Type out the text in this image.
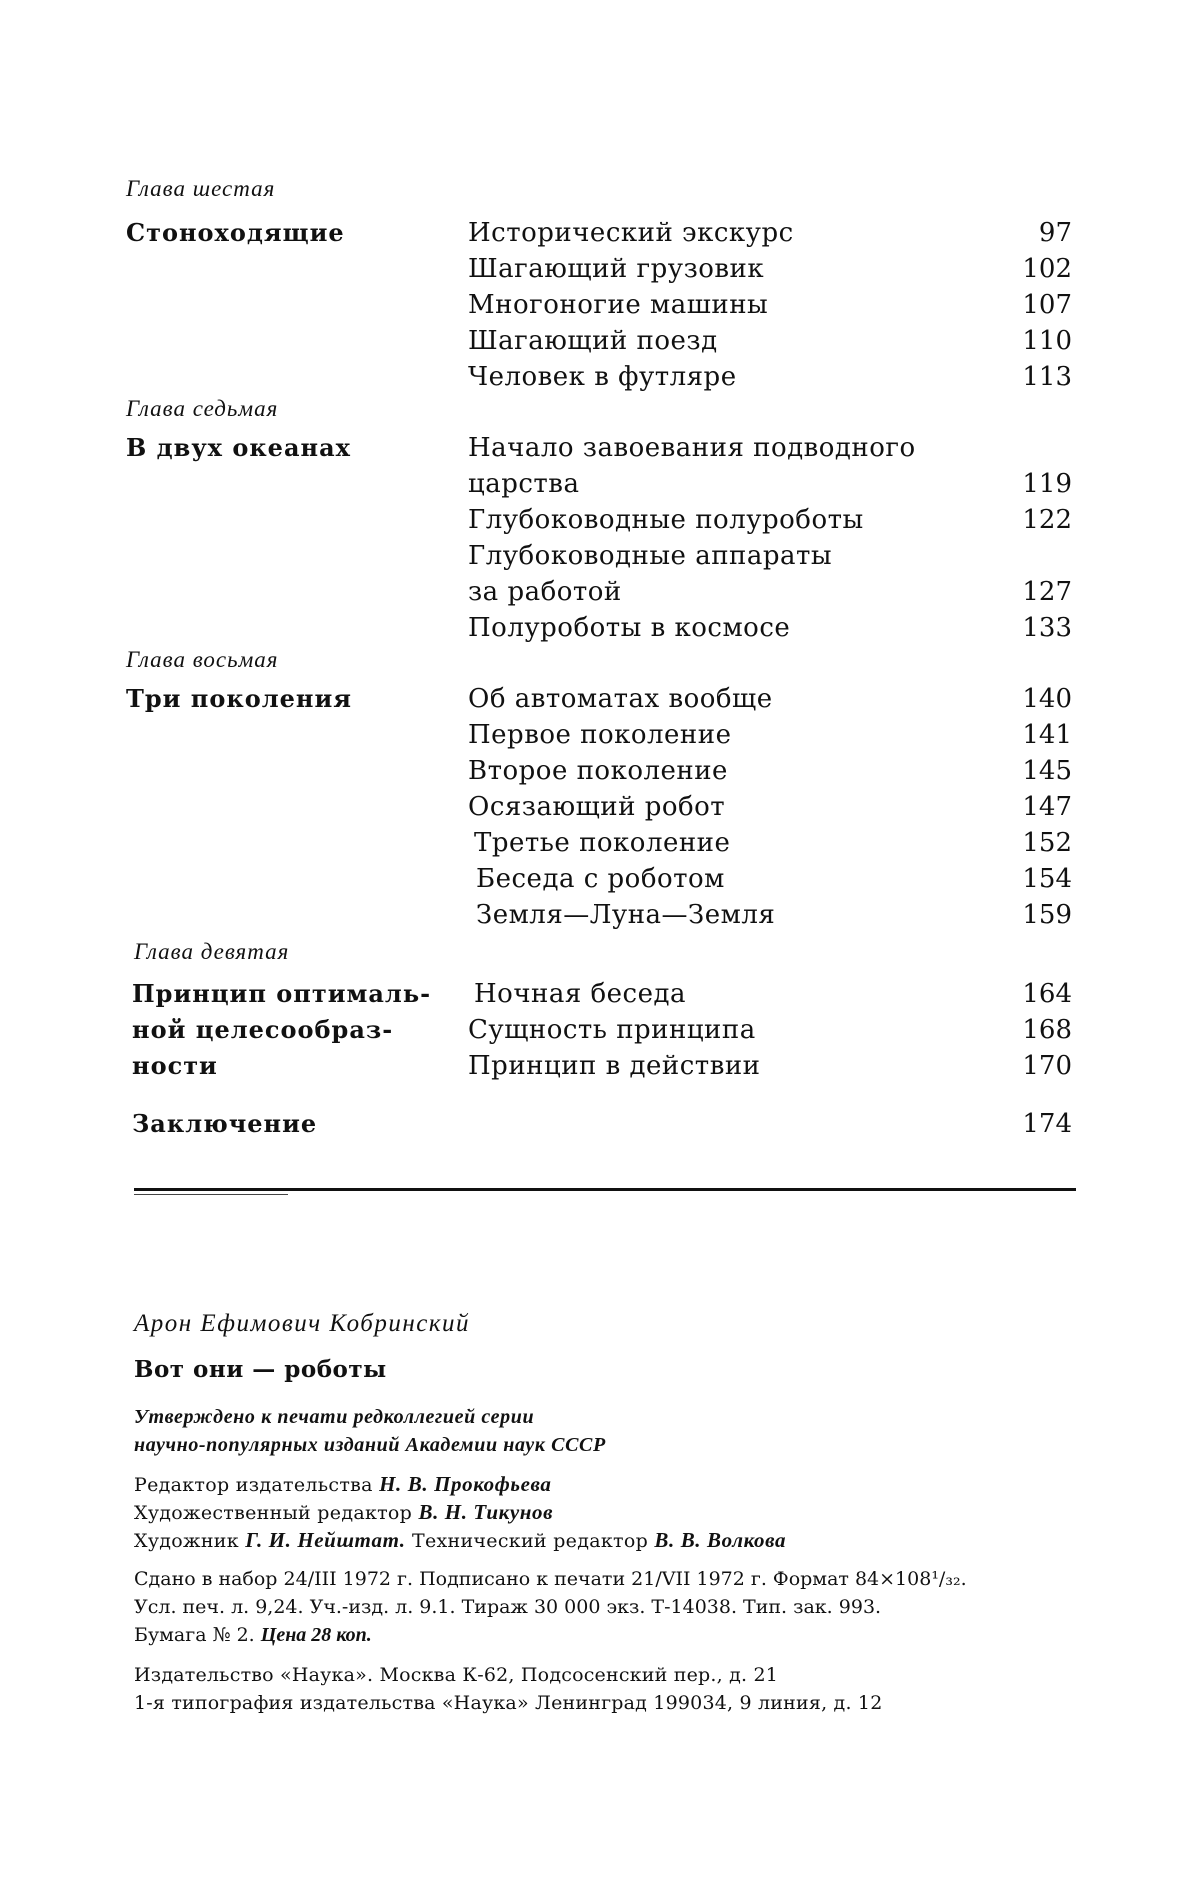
Глава шестая
Стоноходящие	Исторический экскурс	97
Шагающий грузовик	102
Многоногие машины	107
Шагающий поезд	110
Человек в футляре	113
Глава седьмая
В двух океанах	Начало завоевания подводного царства	119
Глубоководные полуроботы	122
Глубоководные аппараты за работой	127
Полуроботы в космосе	133
Глава восьмая
Три поколения	Об автоматах вообще	140
Первое поколение	141
Второе поколение	145
Осязающий робот	147
Третье поколение	152
Беседа с роботом	154
Земля—Луна—Земля	159
Глава девятая
Принцип оптималь- ной целесообраз- ности
Ночная беседа	164
Сущность принципа	168
Принцип в действии	170
Заключение	174
Арон Ефимович Кобринский
Вот они — роботы
Утверждено к печати редколлегией серии
научно-популярных изданий Академии наук СССР
Редактор издательства Н. В. Прокофьева
Художественный редактор В. Н. Тикунов
Художник Г. И. Нейштат. Технический редактор В. В. Волкова
Сдано в набор 24/III 1972 г. Подписано к печати 21/VII 1972 г. Формат 84×108¹/₃₂.
Усл. печ. л. 9,24. Уч.-изд. л. 9.1. Тираж 30 000 экз. Т-14038. Тип. зак. 993.
Бумага № 2. Цена 28 коп.
Издательство «Наука». Москва К-62, Подсосенский пер., д. 21
1-я типография издательства «Наука» Ленинград 199034, 9 линия, д. 12
